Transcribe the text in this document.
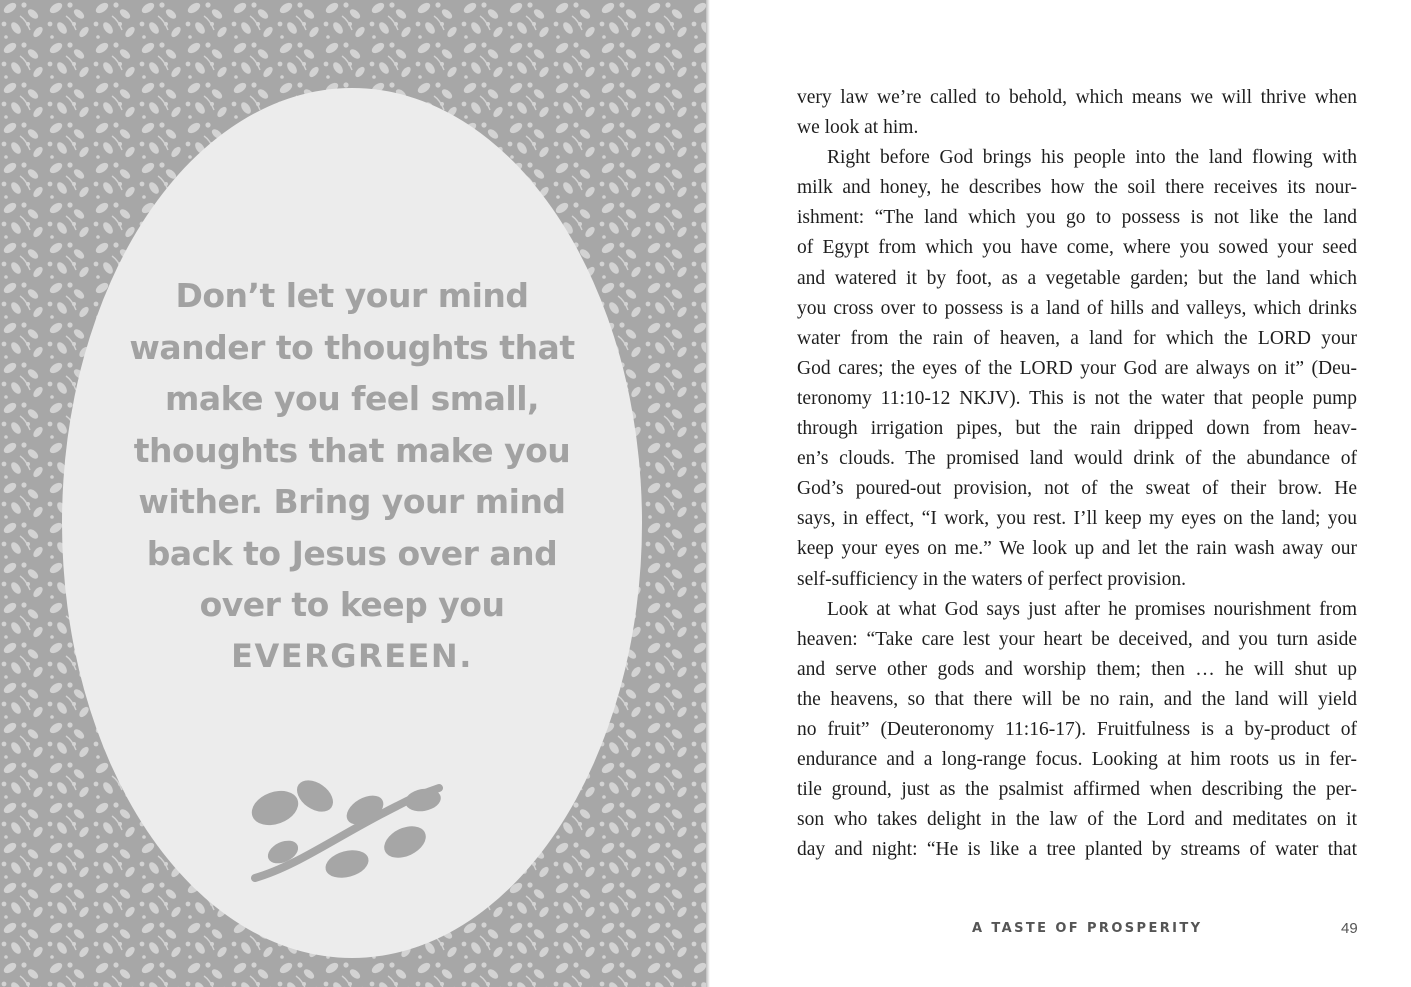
Don’t let your mind
wander to thoughts that
make you feel small,
thoughts that make you
wither. Bring your mind
back to Jesus over and
over to keep you
EVERGREEN.
very law we’re called to behold, which means we will thrive when
we look at him.
Right before God brings his people into the land flowing with
milk and honey, he describes how the soil there receives its nour-
ishment: “The land which you go to possess is not like the land
of Egypt from which you have come, where you sowed your seed
and watered it by foot, as a vegetable garden; but the land which
you cross over to possess is a land of hills and valleys, which drinks
water from the rain of heaven, a land for which the LORD your
God cares; the eyes of the LORD your God are always on it” (Deu-
teronomy 11:10-12 NKJV). This is not the water that people pump
through irrigation pipes, but the rain dripped down from heav-
en’s clouds. The promised land would drink of the abundance of
God’s poured-out provision, not of the sweat of their brow. He
says, in effect, “I work, you rest. I’ll keep my eyes on the land; you
keep your eyes on me.” We look up and let the rain wash away our
self-sufficiency in the waters of perfect provision.
Look at what God says just after he promises nourishment from
heaven: “Take care lest your heart be deceived, and you turn aside
and serve other gods and worship them; then … he will shut up
the heavens, so that there will be no rain, and the land will yield
no fruit” (Deuteronomy 11:16-17). Fruitfulness is a by-product of
endurance and a long-range focus. Looking at him roots us in fer-
tile ground, just as the psalmist affirmed when describing the per-
son who takes delight in the law of the Lord and meditates on it
day and night: “He is like a tree planted by streams of water that
A TASTE OF PROSPERITY	49
